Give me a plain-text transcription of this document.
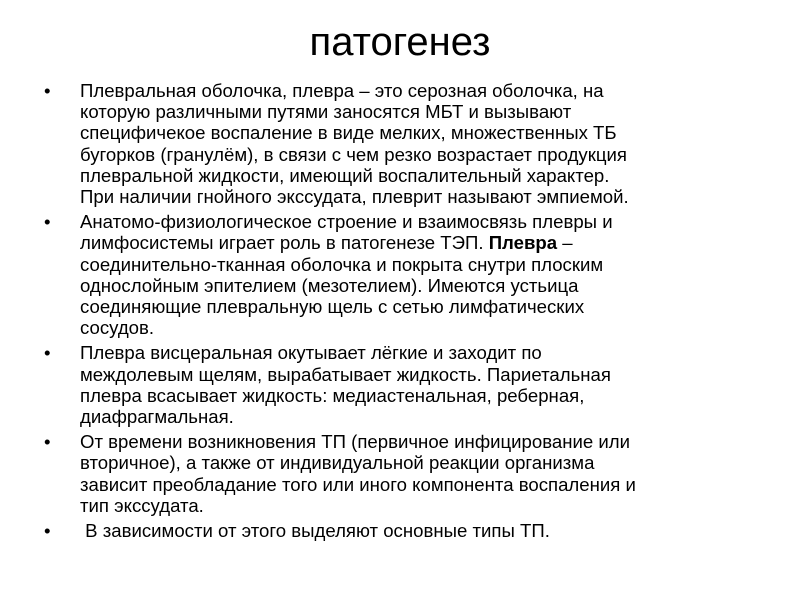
патогенез
•	Плевральная оболочка, плевра – это серозная оболочка, на
которую различными путями заносятся МБТ и вызывают
специфичекое воспаление в виде мелких, множественных ТБ
бугорков (гранулём), в связи с чем резко возрастает продукция
плевральной жидкости, имеющий воспалительный характер.
При наличии гнойного экссудата, плеврит называют эмпиемой.
•	Анатомо-физиологическое строение и взаимосвязь плевры и
лимфосистемы играет роль в патогенезе ТЭП. Плевра –
соединительно-тканная оболочка и покрыта снутри плоским
однослойным эпителием (мезотелием). Имеются устьица
соединяющие плевральную щель с сетью лимфатических
сосудов.
•	Плевра висцеральная окутывает лёгкие и заходит по
междолевым щелям, вырабатывает жидкость. Париетальная
плевра всасывает жидкость: медиастенальная, реберная,
диафрагмальная.
•	От времени возникновения ТП (первичное инфицирование или
вторичное), а также от индивидуальной реакции организма
зависит преобладание того или иного компонента воспаления и
тип экссудата.
•	В зависимости от этого выделяют основные типы ТП.
